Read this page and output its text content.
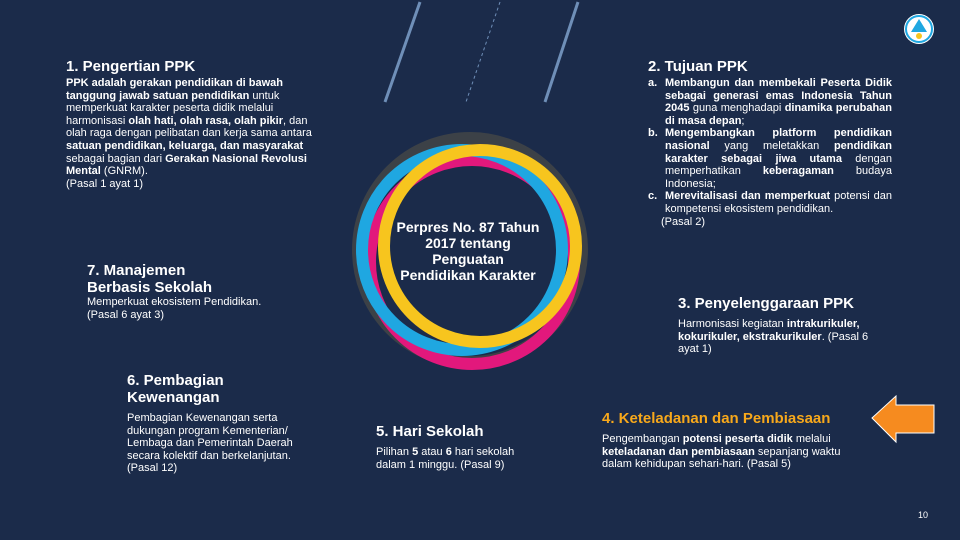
Perpres No. 87 Tahun
2017 tentang
Penguatan
Pendidikan Karakter
1. Pengertian PPK
PPK adalah gerakan pendidikan di bawah tanggung jawab satuan pendidikan untuk memperkuat karakter peserta didik melalui harmonisasi olah hati, olah rasa, olah pikir, dan olah raga dengan pelibatan dan kerja sama antara satuan pendidikan, keluarga, dan masyarakat sebagai bagian dari Gerakan Nasional Revolusi Mental (GNRM).
(Pasal 1 ayat 1)
2. Tujuan PPK
a. Membangun dan membekali Peserta Didik sebagai generasi emas Indonesia Tahun 2045 guna menghadapi dinamika perubahan di masa depan;
b. Mengembangkan platform pendidikan nasional yang meletakkan pendidikan karakter sebagai jiwa utama dengan memperhatikan keberagaman budaya Indonesia;
c. Merevitalisasi dan memperkuat potensi dan kompetensi ekosistem pendidikan.
(Pasal 2)
3. Penyelenggaraan PPK
Harmonisasi kegiatan intrakurikuler, kokurikuler, ekstrakurikuler. (Pasal 6 ayat 1)
4. Keteladanan dan Pembiasaan
Pengembangan potensi peserta didik melalui keteladanan dan pembiasaan sepanjang waktu dalam kehidupan sehari-hari. (Pasal 5)
5. Hari Sekolah
Pilihan 5 atau 6 hari sekolah dalam 1 minggu. (Pasal 9)
6. Pembagian Kewenangan
Pembagian Kewenangan serta dukungan program Kementerian/ Lembaga dan Pemerintah Daerah secara kolektif dan berkelanjutan. (Pasal 12)
7. Manajemen
Berbasis Sekolah
Memperkuat ekosistem Pendidikan.
(Pasal 6 ayat 3)
10
